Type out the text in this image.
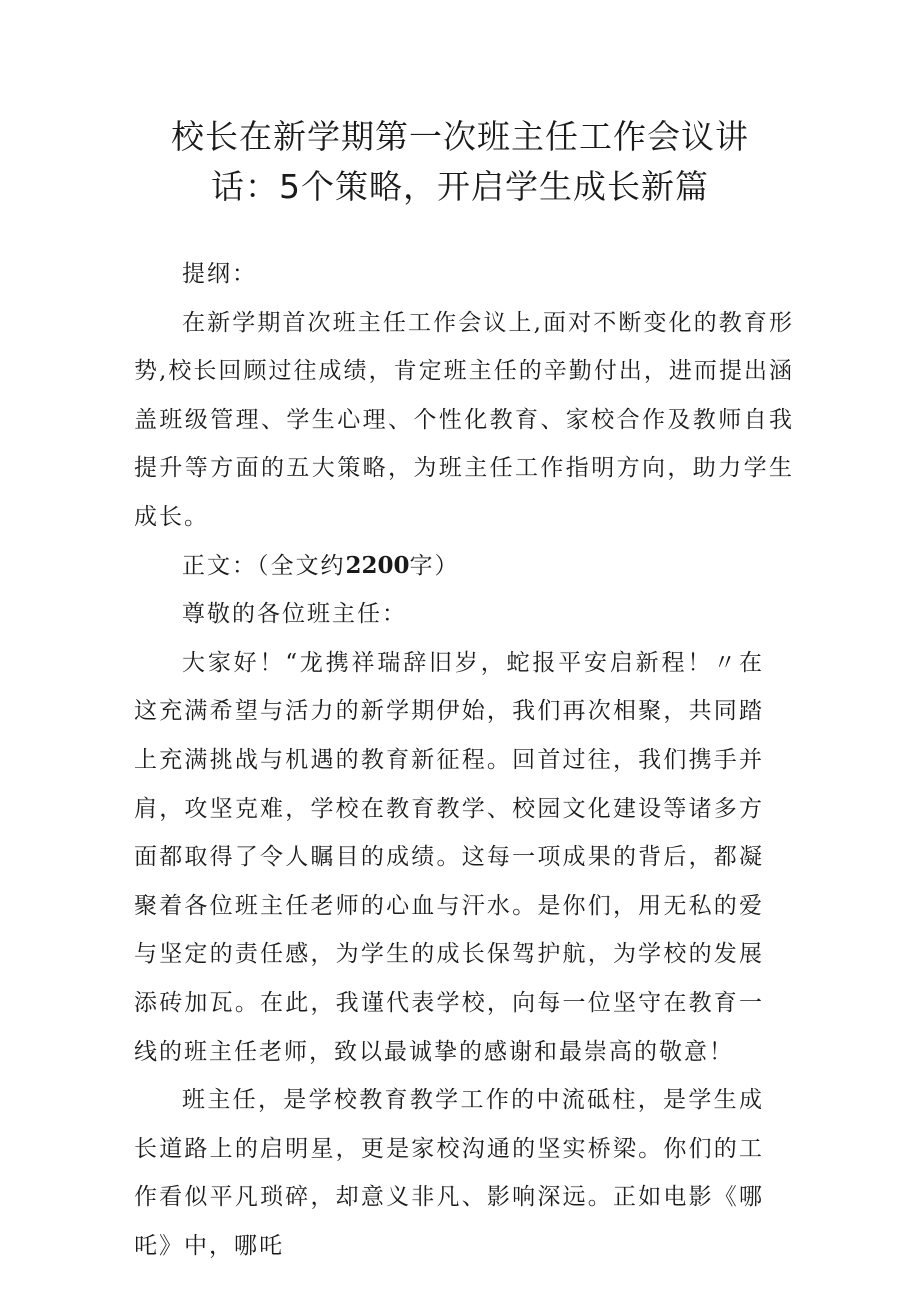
校长在新学期第一次班主任工作会议讲
话：5个策略，开启学生成长新篇

提纲：

在新学期首次班主任工作会议上,面对不断变化的教育形势,校长回顾过往成绩，肯定班主任的辛勤付出，进而提出涵盖班级管理、学生心理、个性化教育、家校合作及教师自我提升等方面的五大策略，为班主任工作指明方向，助力学生成长。

正文：（全文约2200字）

尊敬的各位班主任：

大家好！“龙携祥瑞辞旧岁，蛇报平安启新程！〃在这充满希望与活力的新学期伊始，我们再次相聚，共同踏上充满挑战与机遇的教育新征程。回首过往，我们携手并肩，攻坚克难，学校在教育教学、校园文化建设等诸多方面都取得了令人瞩目的成绩。这每一项成果的背后，都凝聚着各位班主任老师的心血与汗水。是你们，用无私的爱与坚定的责任感，为学生的成长保驾护航，为学校的发展添砖加瓦。在此，我谨代表学校，向每一位坚守在教育一线的班主任老师，致以最诚挚的感谢和最崇高的敬意！

班主任，是学校教育教学工作的中流砥柱，是学生成长道路上的启明星，更是家校沟通的坚实桥梁。你们的工作看似平凡琐碎，却意义非凡、影响深远。正如电影《哪吒》中，哪吒
